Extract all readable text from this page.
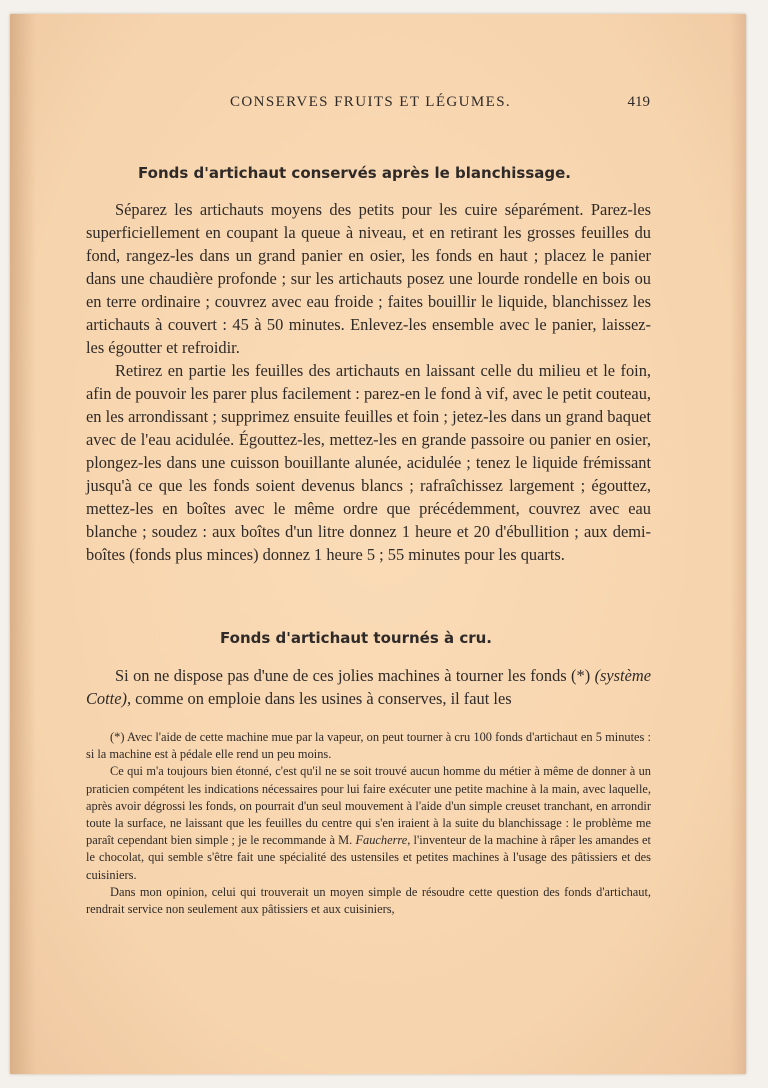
CONSERVES FRUITS ET LÉGUMES.	419
Fonds d'artichaut conservés après le blanchissage.

Séparez les artichauts moyens des petits pour les cuire séparément. Parez-les superficiellement en coupant la queue à niveau, et en retirant les grosses feuilles du fond, rangez-les dans un grand panier en osier, les fonds en haut ; placez le panier dans une chaudière profonde ; sur les artichauts posez une lourde rondelle en bois ou en terre ordinaire ; couvrez avec eau froide ; faites bouillir le liquide, blanchissez les artichauts à couvert : 45 à 50 minutes. Enlevez-les ensemble avec le panier, laissez-les égoutter et refroidir.

Retirez en partie les feuilles des artichauts en laissant celle du milieu et le foin, afin de pouvoir les parer plus facilement : parez-en le fond à vif, avec le petit couteau, en les arrondissant ; supprimez ensuite feuilles et foin ; jetez-les dans un grand baquet avec de l'eau acidulée. Égouttez-les, mettez-les en grande passoire ou panier en osier, plongez-les dans une cuisson bouillante alunée, acidulée ; tenez le liquide frémissant jusqu'à ce que les fonds soient devenus blancs ; rafraîchissez largement ; égouttez, mettez-les en boîtes avec le même ordre que précédemment, couvrez avec eau blanche ; soudez : aux boîtes d'un litre donnez 1 heure et 20 d'ébullition ; aux demi-boîtes (fonds plus minces) donnez 1 heure 5 ; 55 minutes pour les quarts.

Fonds d'artichaut tournés à cru.

Si on ne dispose pas d'une de ces jolies machines à tourner les fonds (*) (système Cotte), comme on emploie dans les usines à conserves, il faut les

(*) Avec l'aide de cette machine mue par la vapeur, on peut tourner à cru 100 fonds d'artichaut en 5 minutes : si la machine est à pédale elle rend un peu moins.

Ce qui m'a toujours bien étonné, c'est qu'il ne se soit trouvé aucun homme du métier à même de donner à un praticien compétent les indications nécessaires pour lui faire exécuter une petite machine à la main, avec laquelle, après avoir dégrossi les fonds, on pourrait d'un seul mouvement à l'aide d'un simple creuset tranchant, en arrondir toute la surface, ne laissant que les feuilles du centre qui s'en iraient à la suite du blanchissage : le problème me paraît cependant bien simple ; je le recommande à M. Faucherre, l'inventeur de la machine à râper les amandes et le chocolat, qui semble s'être fait une spécialité des ustensiles et petites machines à l'usage des pâtissiers et des cuisiniers.

Dans mon opinion, celui qui trouverait un moyen simple de résoudre cette question des fonds d'artichaut, rendrait service non seulement aux pâtissiers et aux cuisiniers,
